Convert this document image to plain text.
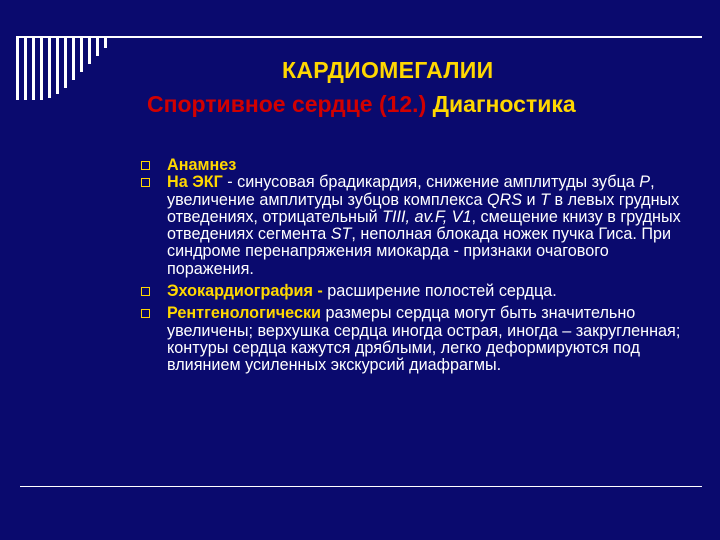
КАРДИОМЕГАЛИИ
Спортивное сердце (12.) Диагностика
Анамнез
На ЭКГ - синусовая брадикардия, снижение амплитуды зубца Р, увеличение амплитуды зубцов комплекса QRS и Т в левых грудных отведениях, отрицательный TIII, av.F, V1, смещение книзу в грудных отведениях сегмента ST, неполная блокада ножек пучка Гиса. При синдроме перенапряжения миокарда - признаки очагового поражения.
Эхокардиография - расширение полостей сердца.
Рентгенологически размеры сердца могут быть значительно увеличены; верхушка сердца иногда острая, иногда – закругленная; контуры сердца кажутся дряблыми, легко деформируются под влиянием усиленных экскурсий диафрагмы.
